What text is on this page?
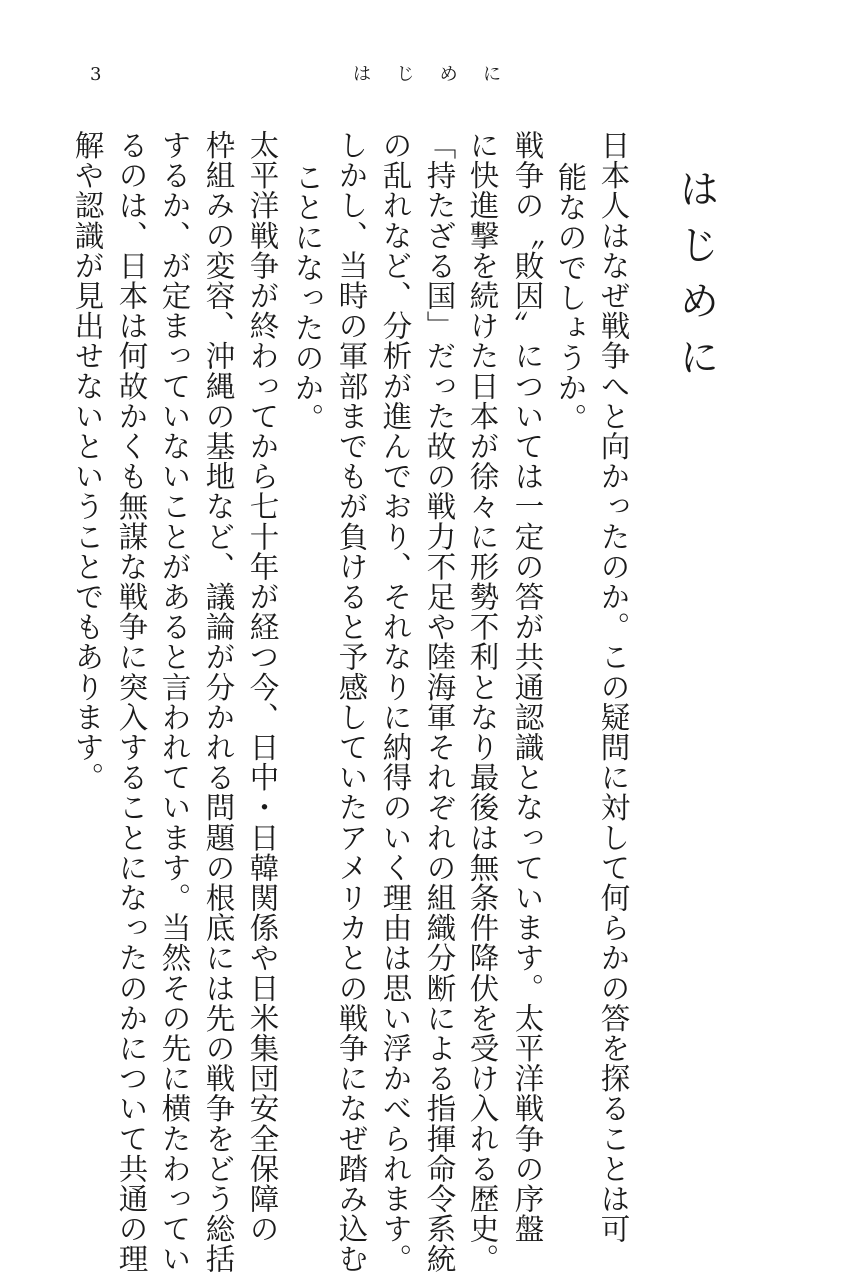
3	は じ め に
はじめに
日本人はなぜ戦争へと向かったのか。この疑問に対して何らかの答を探ることは可
能なのでしょうか。
戦争の〝敗因〟については一定の答が共通認識となっています。太平洋戦争の序盤
に快進撃を続けた日本が徐々に形勢不利となり最後は無条件降伏を受け入れる歴史。
「持たざる国」だった故の戦力不足や陸海軍それぞれの組織分断による指揮命令系統
の乱れなど、分析が進んでおり、それなりに納得のいく理由は思い浮かべられます。
しかし、当時の軍部までもが負けると予感していたアメリカとの戦争になぜ踏み込む
ことになったのか。
太平洋戦争が終わってから七十年が経つ今、日中・日韓関係や日米集団安全保障の
枠組みの変容、沖縄の基地など、議論が分かれる問題の根底には先の戦争をどう総括
するか、が定まっていないことがあると言われています。当然その先に横たわってい
るのは、日本は何故かくも無謀な戦争に突入することになったのかについて共通の理
解や認識が見出せないということでもあります。
